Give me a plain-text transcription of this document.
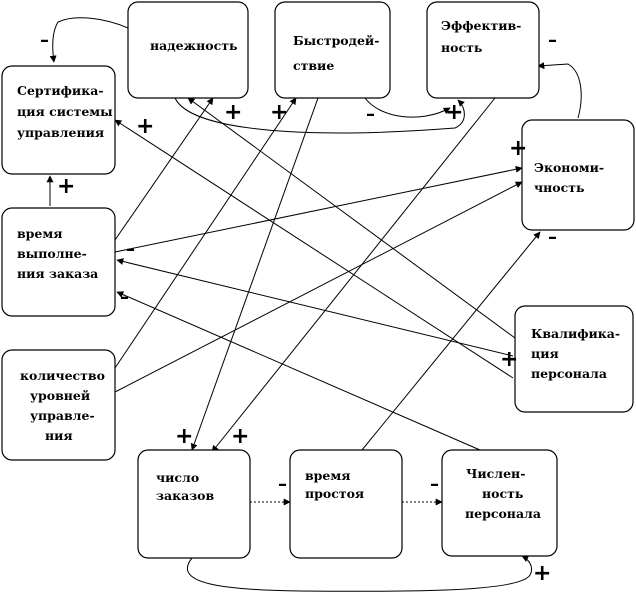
надежность	Быстродей-
ствие
Эффектив-
ность
Сертифика-
ция системы
управления
Экономи-
чность
время
выполне-
ния заказа
Квалифика-
ция
персонала
количество
уровней
управле-
ния
число
заказов
время
простоя
Числен-
ность
персонала
–
+
+ +	–	+
–
+
–
+
–
–
+
+ +
–	–
+
